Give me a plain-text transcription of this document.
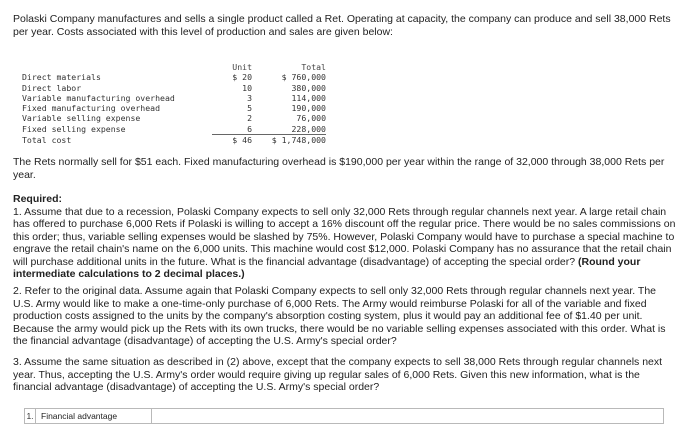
Polaski Company manufactures and sells a single product called a Ret. Operating at capacity, the company can produce and sell 38,000 Rets per year. Costs associated with this level of production and sales are given below:

	Unit	Total
Direct materials	$ 20	$ 760,000
Direct labor	10	380,000
Variable manufacturing overhead	3	114,000
Fixed manufacturing overhead	5	190,000
Variable selling expense	2	76,000
Fixed selling expense	6	228,000
Total cost	$ 46	$ 1,748,000

The Rets normally sell for $51 each. Fixed manufacturing overhead is $190,000 per year within the range of 32,000 through 38,000 Rets per year.

Required:
1. Assume that due to a recession, Polaski Company expects to sell only 32,000 Rets through regular channels next year. A large retail chain has offered to purchase 6,000 Rets if Polaski is willing to accept a 16% discount off the regular price. There would be no sales commissions on this order; thus, variable selling expenses would be slashed by 75%. However, Polaski Company would have to purchase a special machine to engrave the retail chain's name on the 6,000 units. This machine would cost $12,000. Polaski Company has no assurance that the retail chain will purchase additional units in the future. What is the financial advantage (disadvantage) of accepting the special order? (Round your intermediate calculations to 2 decimal places.)

2. Refer to the original data. Assume again that Polaski Company expects to sell only 32,000 Rets through regular channels next year. The U.S. Army would like to make a one-time-only purchase of 6,000 Rets. The Army would reimburse Polaski for all of the variable and fixed production costs assigned to the units by the company's absorption costing system, plus it would pay an additional fee of $1.40 per unit. Because the army would pick up the Rets with its own trucks, there would be no variable selling expenses associated with this order. What is the financial advantage (disadvantage) of accepting the U.S. Army's special order?

3. Assume the same situation as described in (2) above, except that the company expects to sell 38,000 Rets through regular channels next year. Thus, accepting the U.S. Army's order would require giving up regular sales of 6,000 Rets. Given this new information, what is the financial advantage (disadvantage) of accepting the U.S. Army's special order?

1. Financial advantage
